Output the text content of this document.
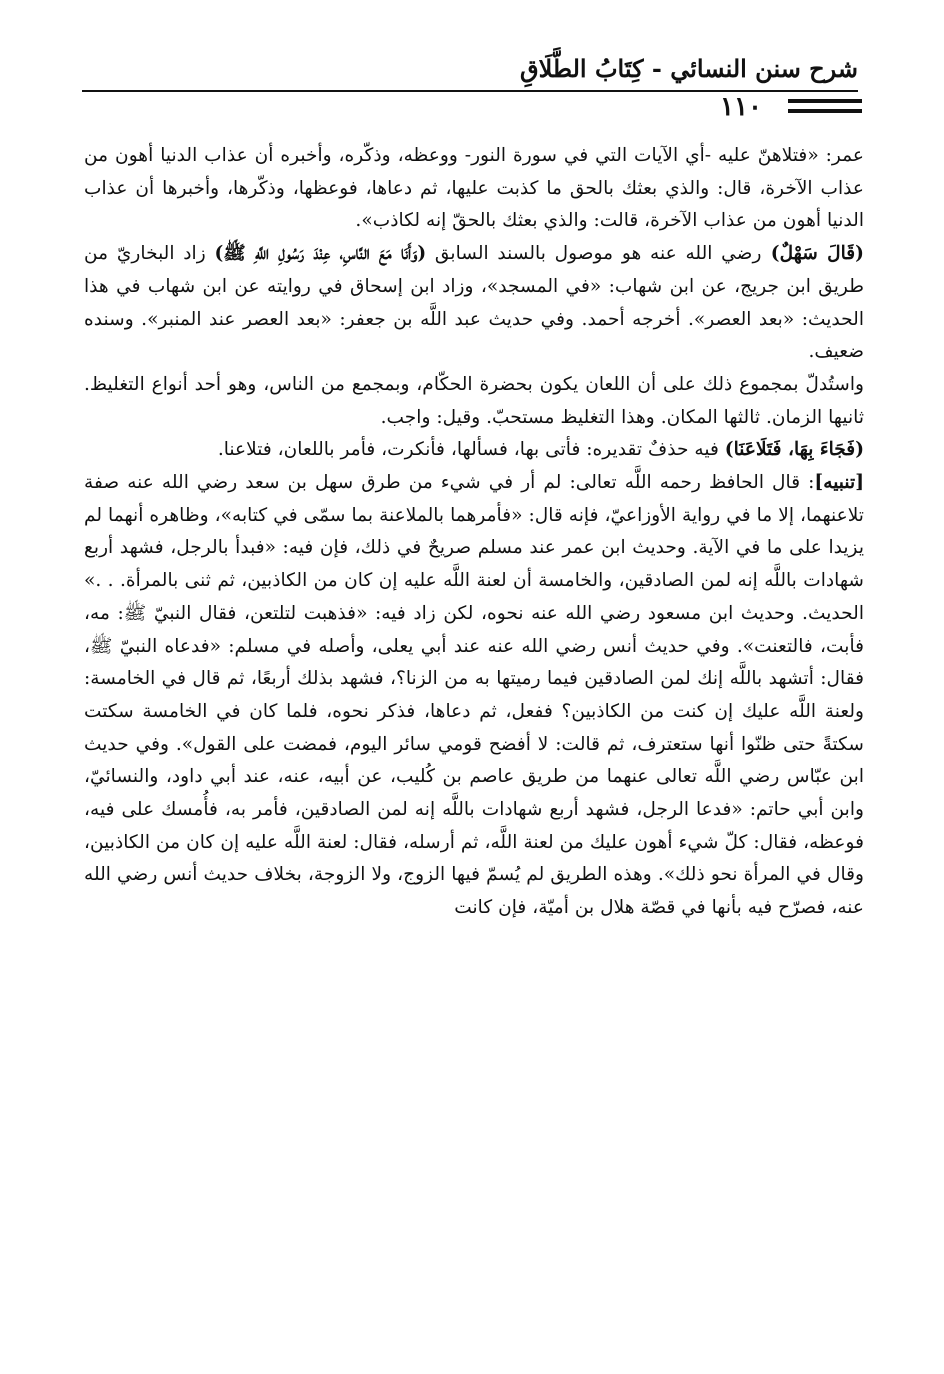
شرح سنن النسائي - كِتَابُ الطَّلَاقِ
١١٠

عمر: «فتلاهنّ عليه -أي الآيات التي في سورة النور- ووعظه، وذكّره، وأخبره أن عذاب الدنيا أهون من عذاب الآخرة، قال: والذي بعثك بالحق ما كذبت عليها، ثم دعاها، فوعظها، وذكّرها، وأخبرها أن عذاب الدنيا أهون من عذاب الآخرة، قالت: والذي بعثك بالحقّ إنه لكاذب».

(قَالَ سَهْلٌ) رضي الله عنه هو موصول بالسند السابق (وَأَنَا مَعَ النَّاسِ، عِنْدَ رَسُولِ اللَّهِ ﷺ) زاد البخاريّ من طريق ابن جريج، عن ابن شهاب: «في المسجد»، وزاد ابن إسحاق في روايته عن ابن شهاب في هذا الحديث: «بعد العصر». أخرجه أحمد. وفي حديث عبد اللَّه بن جعفر: «بعد العصر عند المنبر». وسنده ضعيف.

واستُدلّ بمجموع ذلك على أن اللعان يكون بحضرة الحكّام، وبمجمع من الناس، وهو أحد أنواع التغليظ. ثانيها الزمان. ثالثها المكان. وهذا التغليظ مستحبّ. وقيل: واجب.

(فَجَاءَ بِهَا، فَتَلَاعَنَا) فيه حذفٌ تقديره: فأتى بها، فسألها، فأنكرت، فأمر باللعان، فتلاعنا.

[تنبيه]: قال الحافظ رحمه اللَّه تعالى: لم أر في شيء من طرق سهل بن سعد رضي الله عنه صفة تلاعنهما، إلا ما في رواية الأوزاعيّ، فإنه قال: «فأمرهما بالملاعنة بما سمّى في كتابه»، وظاهره أنهما لم يزيدا على ما في الآية. وحديث ابن عمر عند مسلم صريحٌ في ذلك، فإن فيه: «فبدأ بالرجل، فشهد أربع شهادات باللَّه إنه لمن الصادقين، والخامسة أن لعنة اللَّه عليه إن كان من الكاذبين، ثم ثنى بالمرأة. . .» الحديث. وحديث ابن مسعود رضي الله عنه نحوه، لكن زاد فيه: «فذهبت لتلتعن، فقال النبيّ ﷺ: مه، فأبت، فالتعنت». وفي حديث أنس رضي الله عنه عند أبي يعلى، وأصله في مسلم: «فدعاه النبيّ ﷺ، فقال: أتشهد باللَّه إنك لمن الصادقين فيما رميتها به من الزنا؟، فشهد بذلك أربعًا، ثم قال في الخامسة: ولعنة اللَّه عليك إن كنت من الكاذبين؟ ففعل، ثم دعاها، فذكر نحوه، فلما كان في الخامسة سكتت سكتةً حتى ظنّوا أنها ستعترف، ثم قالت: لا أفضح قومي سائر اليوم، فمضت على القول». وفي حديث ابن عبّاس رضي اللَّه تعالى عنهما من طريق عاصم بن كُليب، عن أبيه، عنه، عند أبي داود، والنسائيّ، وابن أبي حاتم: «فدعا الرجل، فشهد أربع شهادات باللَّه إنه لمن الصادقين، فأمر به، فأُمسك على فيه، فوعظه، فقال: كلّ شيء أهون عليك من لعنة اللَّه، ثم أرسله، فقال: لعنة اللَّه عليه إن كان من الكاذبين، وقال في المرأة نحو ذلك». وهذه الطريق لم يُسمّ فيها الزوج، ولا الزوجة، بخلاف حديث أنس رضي الله عنه، فصرّح فيه بأنها في قصّة هلال بن أميّة، فإن كانت
